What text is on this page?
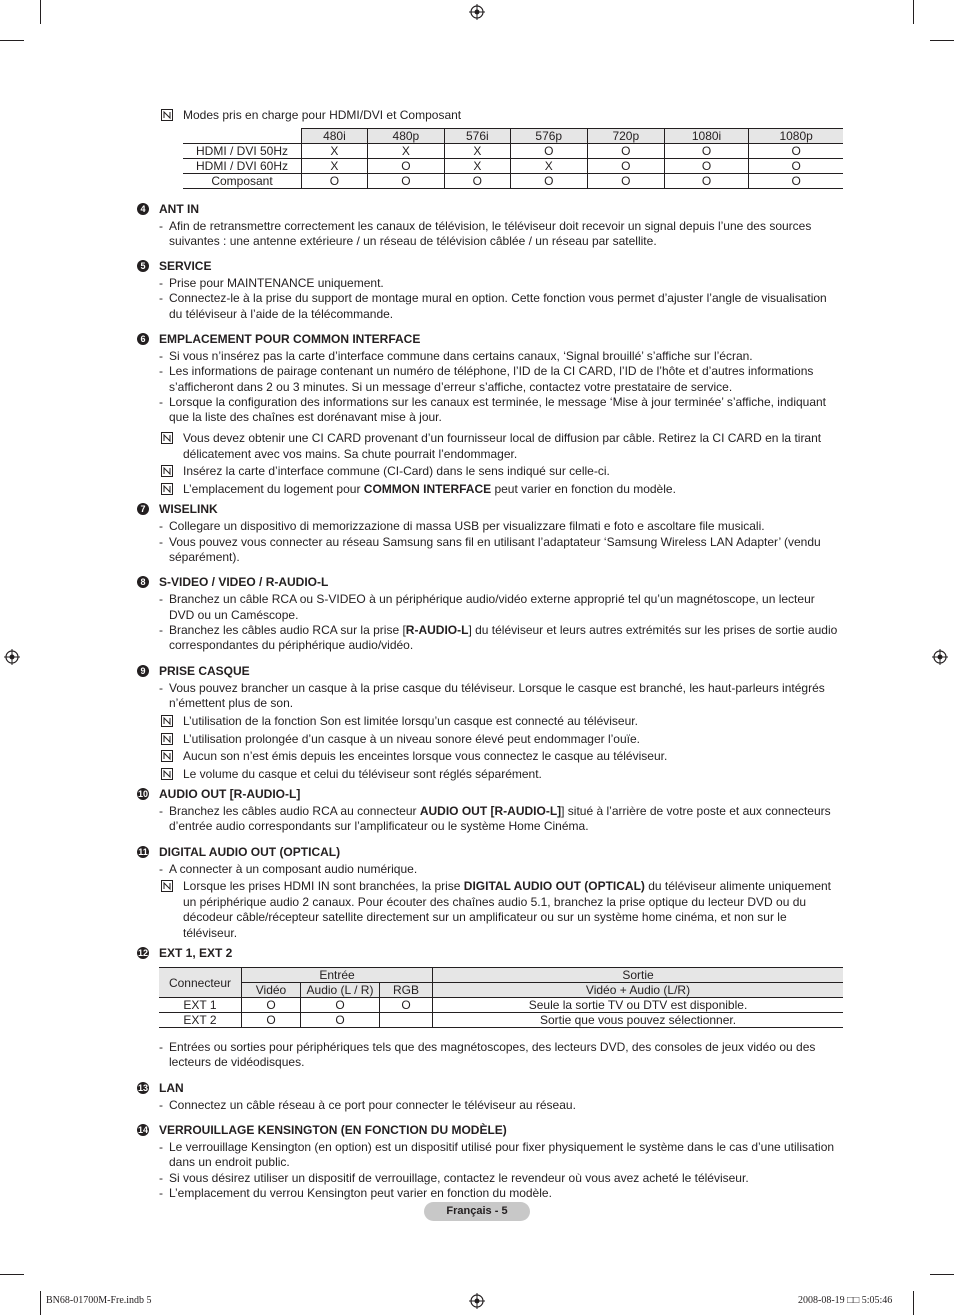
Modes pris en charge pour HDMI/DVI et Composant
	480i	480p	576i	576p	720p	1080i	1080p
HDMI / DVI 50Hz	X	X	X	O	O	O	O
HDMI / DVI 60Hz	X	O	X	X	O	O	O
Composant	O	O	O	O	O	O	O
4 ANT IN
- Afin de retransmettre correctement les canaux de télévision, le téléviseur doit recevoir un signal depuis l’une des sources suivantes : une antenne extérieure / un réseau de télévision câblée / un réseau par satellite.
5 SERVICE
- Prise pour MAINTENANCE uniquement.
- Connectez-le à la prise du support de montage mural en option. Cette fonction vous permet d’ajuster l’angle de visualisation du téléviseur à l’aide de la télécommande.
6 EMPLACEMENT POUR COMMON INTERFACE
- Si vous n’insérez pas la carte d’interface commune dans certains canaux, ‘Signal brouillé’ s’affiche sur l’écran.
- Les informations de pairage contenant un numéro de téléphone, l’ID de la CI CARD, l’ID de l’hôte et d’autres informations s’afficheront dans 2 ou 3 minutes. Si un message d’erreur s’affiche, contactez votre prestataire de service.
- Lorsque la configuration des informations sur les canaux est terminée, le message ‘Mise à jour terminée’ s’affiche, indiquant que la liste des chaînes est dorénavant mise à jour.
Vous devez obtenir une CI CARD provenant d’un fournisseur local de diffusion par câble. Retirez la CI CARD en la tirant délicatement avec vos mains. Sa chute pourrait l’endommager.
Insérez la carte d’interface commune (CI-Card) dans le sens indiqué sur celle-ci.
L’emplacement du logement pour COMMON INTERFACE peut varier en fonction du modèle.
7 WISELINK
- Collegare un dispositivo di memorizzazione di massa USB per visualizzare filmati e foto e ascoltare file musicali.
- Vous pouvez vous connecter au réseau Samsung sans fil en utilisant l’adaptateur ‘Samsung Wireless LAN Adapter’ (vendu séparément).
8 S-VIDEO / VIDEO / R-AUDIO-L
- Branchez un câble RCA ou S-VIDEO à un périphérique audio/vidéo externe approprié tel qu’un magnétoscope, un lecteur DVD ou un Caméscope.
- Branchez les câbles audio RCA sur la prise [R-AUDIO-L] du téléviseur et leurs autres extrémités sur les prises de sortie audio correspondantes du périphérique audio/vidéo.
9 PRISE CASQUE
- Vous pouvez brancher un casque à la prise casque du téléviseur. Lorsque le casque est branché, les haut-parleurs intégrés n’émettent plus de son.
L’utilisation de la fonction Son est limitée lorsqu’un casque est connecté au téléviseur.
L’utilisation prolongée d’un casque à un niveau sonore élevé peut endommager l’ouïe.
Aucun son n’est émis depuis les enceintes lorsque vous connectez le casque au téléviseur.
Le volume du casque et celui du téléviseur sont réglés séparément.
10 AUDIO OUT [R-AUDIO-L]
- Branchez les câbles audio RCA au connecteur AUDIO OUT [R-AUDIO-L]] situé à l’arrière de votre poste et aux connecteurs d’entrée audio correspondants sur l’amplificateur ou le système Home Cinéma.
11 DIGITAL AUDIO OUT (OPTICAL)
- A connecter à un composant audio numérique.
Lorsque les prises HDMI IN sont branchées, la prise DIGITAL AUDIO OUT (OPTICAL) du téléviseur alimente uniquement un périphérique audio 2 canaux. Pour écouter des chaînes audio 5.1, branchez la prise optique du lecteur DVD ou du décodeur câble/récepteur satellite directement sur un amplificateur ou sur un système home cinéma, et non sur le téléviseur.
12 EXT 1, EXT 2
Connecteur	Entrée			Sortie
	Vidéo	Audio (L / R)	RGB	Vidéo + Audio (L/R)
EXT 1	O	O	O	Seule la sortie TV ou DTV est disponible.
EXT 2	O	O		Sortie que vous pouvez sélectionner.
- Entrées ou sorties pour périphériques tels que des magnétoscopes, des lecteurs DVD, des consoles de jeux vidéo ou des lecteurs de vidéodisques.
13 LAN
- Connectez un câble réseau à ce port pour connecter le téléviseur au réseau.
14 VERROUILLAGE KENSINGTON (EN FONCTION DU MODÈLE)
- Le verrouillage Kensington (en option) est un dispositif utilisé pour fixer physiquement le système dans le cas d’une utilisation dans un endroit public.
- Si vous désirez utiliser un dispositif de verrouillage, contactez le revendeur où vous avez acheté le téléviseur.
- L’emplacement du verrou Kensington peut varier en fonction du modèle.
Français - 5
BN68-01700M-Fre.indb 5	2008-08-19 □□ 5:05:46
